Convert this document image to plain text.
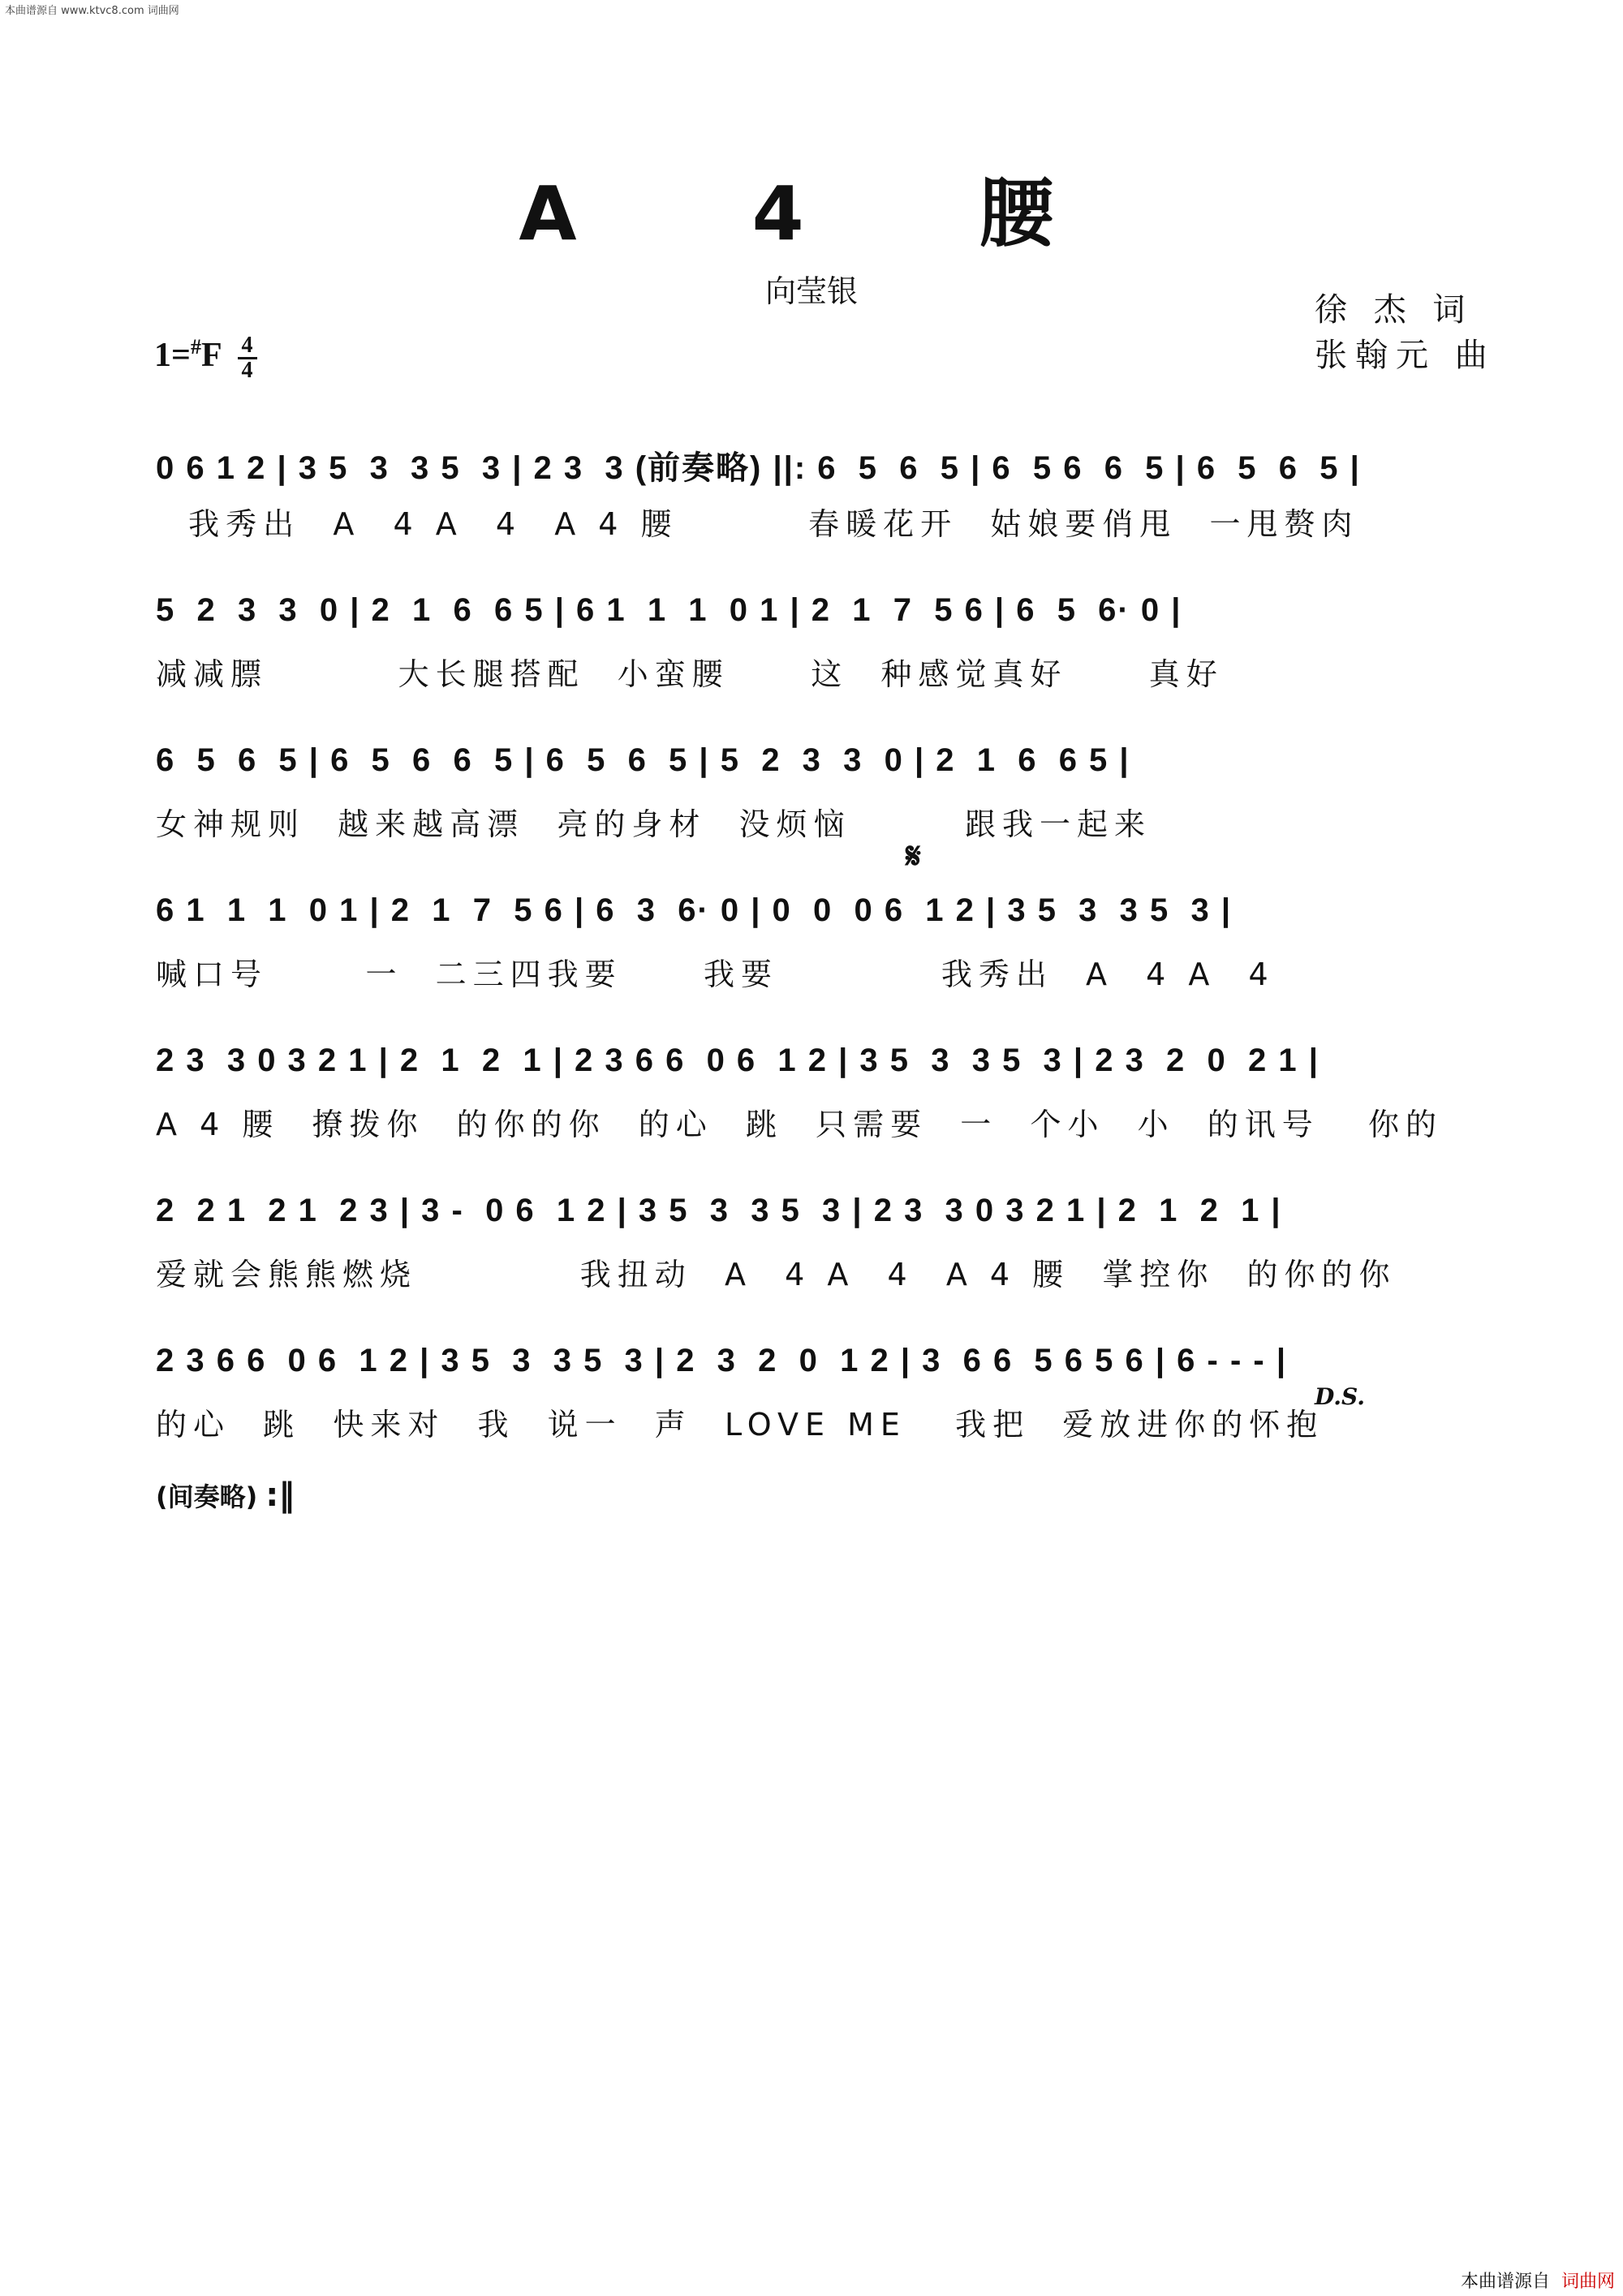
本曲谱源自 www.ktvc8.com 词曲网
A 4 腰
向莹银	徐 杰 词
张翰元 曲
$1=^{\#}F \frac{4}{4}$
0 6 1 2 | 3 5  3  3 5  3 | 2 3  3 (前奏略) ||: 6  5  6  5 | 6  5 6  6  5 | 6  5  6  5 |
我秀出  A  4 A  4  A 4 腰        春暖花开  姑娘要俏甩  一甩赘肉
5  2  3  3  0 | 2  1  6  6 5 | 6 1  1  1  0 1 | 2  1  7  5 6 | 6  5  6· 0 |
减减膘        大长腿搭配  小蛮腰     这  种感觉真好     真好
6  5  6  5 | 6  5  6  6  5 | 6  5  6  5 | 5  2  3  3  0 | 2  1  6  6 5 |
女神规则  越来越高漂  亮的身材  没烦恼       跟我一起来
𝄋
6 1  1  1  0 1 | 2  1  7  5 6 | 6  3  6· 0 | 0  0  0 6  1 2 | 3 5  3  3 5  3 |
喊口号      一  二三四我要     我要          我秀出  A  4 A  4
2 3  3 0 3 2 1 | 2  1  2  1 | 2 3 6 6  0 6  1 2 | 3 5  3  3 5  3 | 2 3  2  0  2 1 |
A 4 腰  撩拨你  的你的你  的心  跳  只需要  一  个小  小  的讯号   你的
2  2 1  2 1  2 3 | 3 -  0 6  1 2 | 3 5  3  3 5  3 | 2 3  3 0 3 2 1 | 2  1  2  1 |
爱就会熊熊燃烧          我扭动  A  4 A  4  A 4 腰  掌控你  的你的你
2 3 6 6  0 6  1 2 | 3 5  3  3 5  3 | 2  3  2  0  1 2 | 3  6 6  5 6 5 6 | 6 - - - |
的心  跳  快来对  我  说一  声  LOVE ME   我把  爱放进你的怀抱
D.S.
(间奏略) :‖
本曲谱源自 词曲网
